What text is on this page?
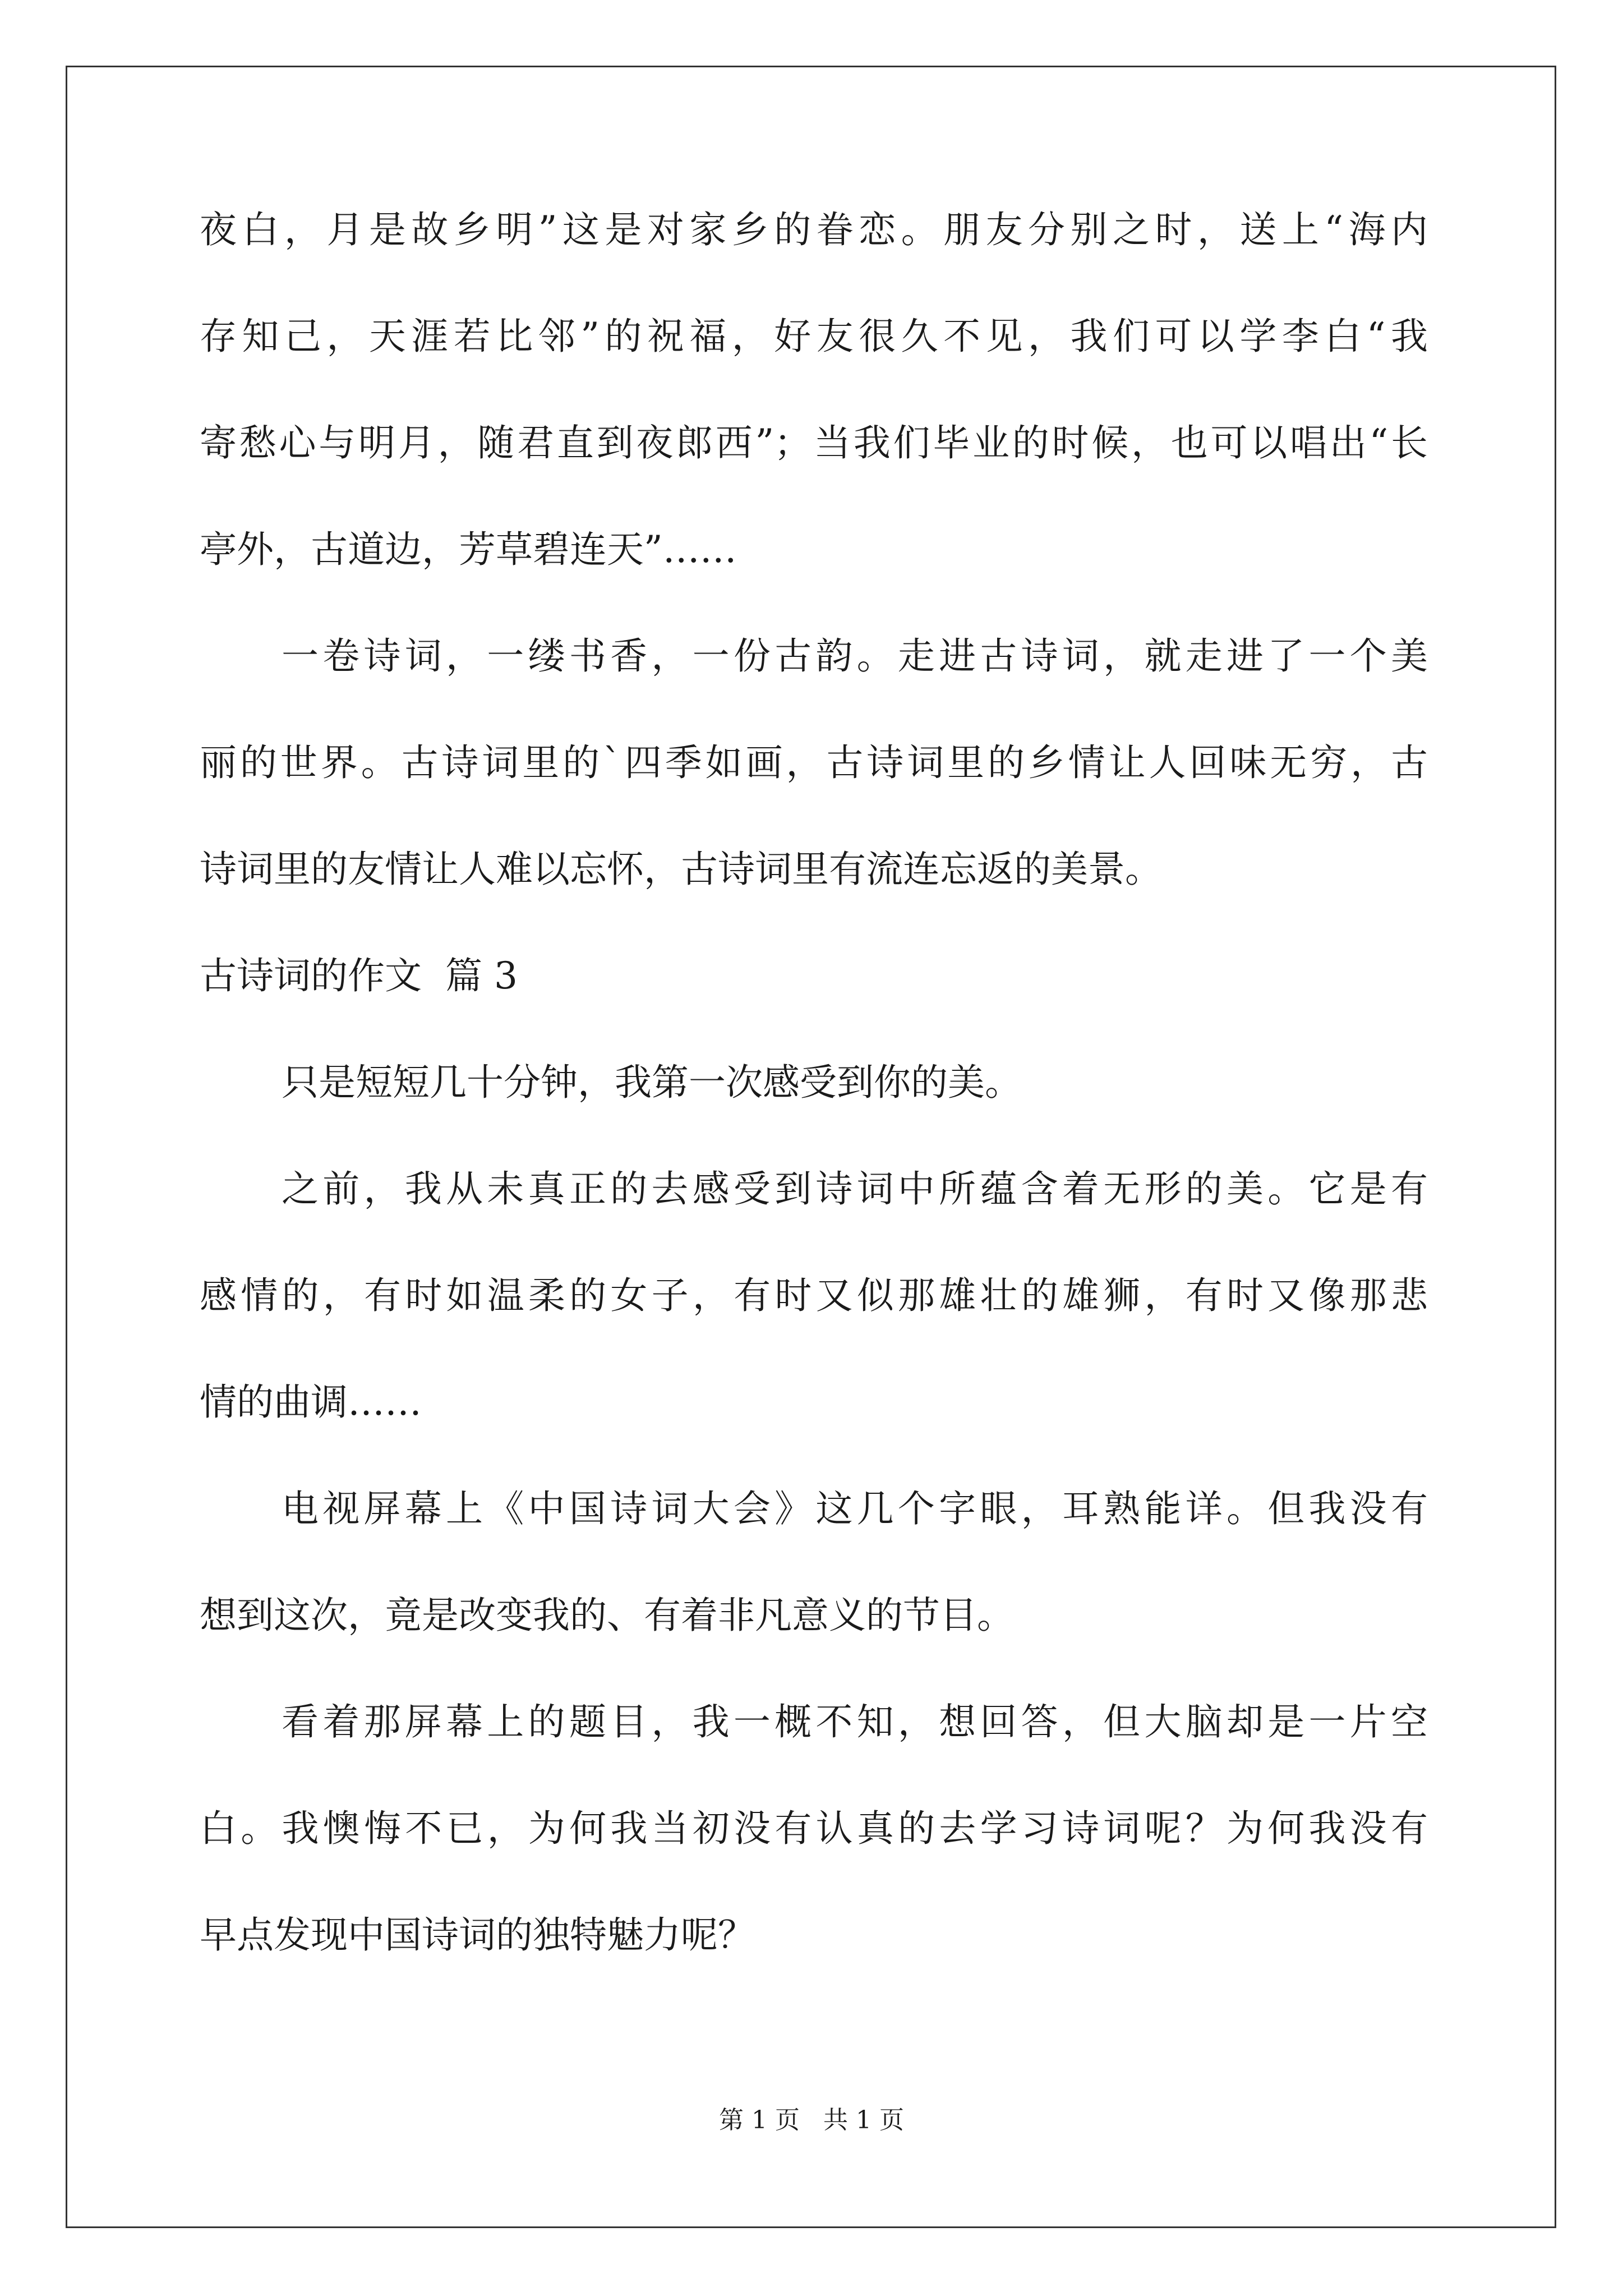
夜白，月是故乡明”这是对家乡的眷恋。朋友分别之时，送上“海内
存知己，天涯若比邻”的祝福，好友很久不见，我们可以学李白“我
寄愁心与明月，随君直到夜郎西”；当我们毕业的时候，也可以唱出“长
亭外，古道边，芳草碧连天”……
一卷诗词，一缕书香，一份古韵。走进古诗词，就走进了一个美
丽的世界。古诗词里的`四季如画，古诗词里的乡情让人回味无穷，古
诗词里的友情让人难以忘怀，古诗词里有流连忘返的美景。
古诗词的作文  篇 3
只是短短几十分钟，我第一次感受到你的美。
之前，我从未真正的去感受到诗词中所蕴含着无形的美。它是有
感情的，有时如温柔的女子，有时又似那雄壮的雄狮，有时又像那悲
情的曲调……
电视屏幕上《中国诗词大会》这几个字眼，耳熟能详。但我没有
想到这次，竟是改变我的、有着非凡意义的节目。
看着那屏幕上的题目，我一概不知，想回答，但大脑却是一片空
白。我懊悔不已，为何我当初没有认真的去学习诗词呢？为何我没有
早点发现中国诗词的独特魅力呢？
第 1 页   共 1 页
